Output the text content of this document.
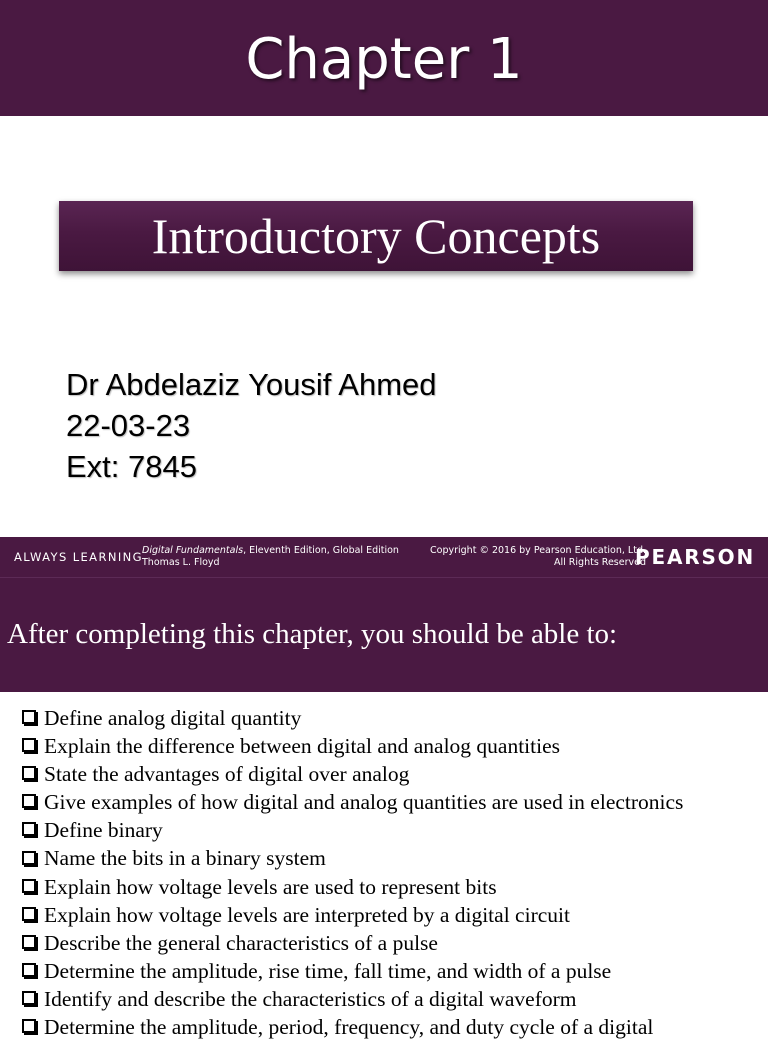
Chapter 1
Introductory Concepts
Dr Abdelaziz Yousif Ahmed
22-03-23
Ext: 7845
ALWAYS LEARNING Digital Fundamentals, Eleventh Edition, Global Edition
Thomas L. Floyd
Copyright © 2016 by Pearson Education, Ltd.
All Rights Reserved
PEARSON
After completing this chapter, you should be able to:
Define analog digital quantity
Explain the difference between digital and analog quantities
State the advantages of digital over analog
Give examples of how digital and analog quantities are used in electronics
Define binary
Name the bits in a binary system
Explain how voltage levels are used to represent bits
Explain how voltage levels are interpreted by a digital circuit
Describe the general characteristics of a pulse
Determine the amplitude, rise time, fall time, and width of a pulse
Identify and describe the characteristics of a digital waveform
Determine the amplitude, period, frequency, and duty cycle of a digital
